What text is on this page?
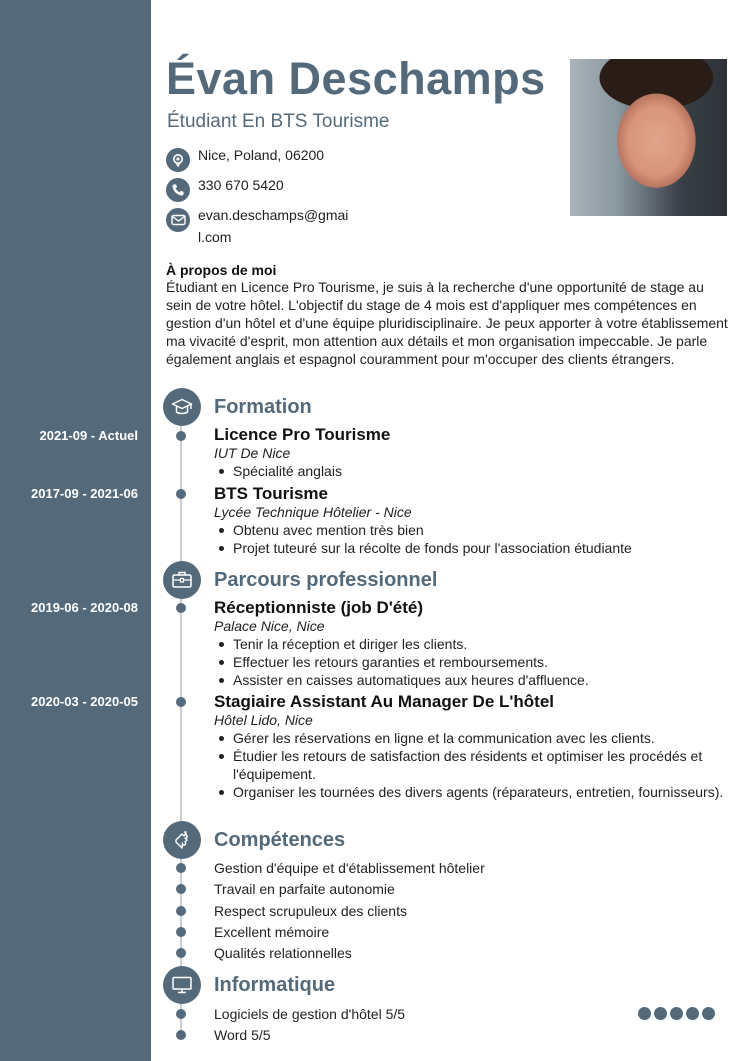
Évan Deschamps
Étudiant En BTS Tourisme
Nice, Poland, 06200
330 670 5420
evan.deschamps@gmai
l.com
À propos de moi
Étudiant en Licence Pro Tourisme, je suis à la recherche d'une opportunité de stage au sein de votre hôtel. L'objectif du stage de 4 mois est d'appliquer mes compétences en gestion d'un hôtel et d'une équipe pluridisciplinaire. Je peux apporter à votre établissement ma vivacité d'esprit, mon attention aux détails et mon organisation impeccable. Je parle également anglais et espagnol couramment pour m'occuper des clients étrangers.
Formation
2021-09 - Actuel	Licence Pro Tourisme
IUT De Nice
Spécialité anglais
2017-09 - 2021-06	BTS Tourisme
Lycée Technique Hôtelier - Nice
Obtenu avec mention très bien
Projet tuteuré sur la récolte de fonds pour l'association étudiante
Parcours professionnel
2019-06 - 2020-08	Réceptionniste (job D'été)
Palace Nice, Nice
Tenir la réception et diriger les clients.
Effectuer les retours garanties et remboursements.
Assister en caisses automatiques aux heures d'affluence.
2020-03 - 2020-05	Stagiaire Assistant Au Manager De L'hôtel
Hôtel Lido, Nice
Gérer les réservations en ligne et la communication avec les clients.
Étudier les retours de satisfaction des résidents et optimiser les procédés et l'équipement.
Organiser les tournées des divers agents (réparateurs, entretien, fournisseurs).
Compétences
Gestion d'équipe et d'établissement hôtelier
Travail en parfaite autonomie
Respect scrupuleux des clients
Excellent mémoire
Qualités relationnelles
Informatique
Logiciels de gestion d'hôtel 5/5
Word 5/5
